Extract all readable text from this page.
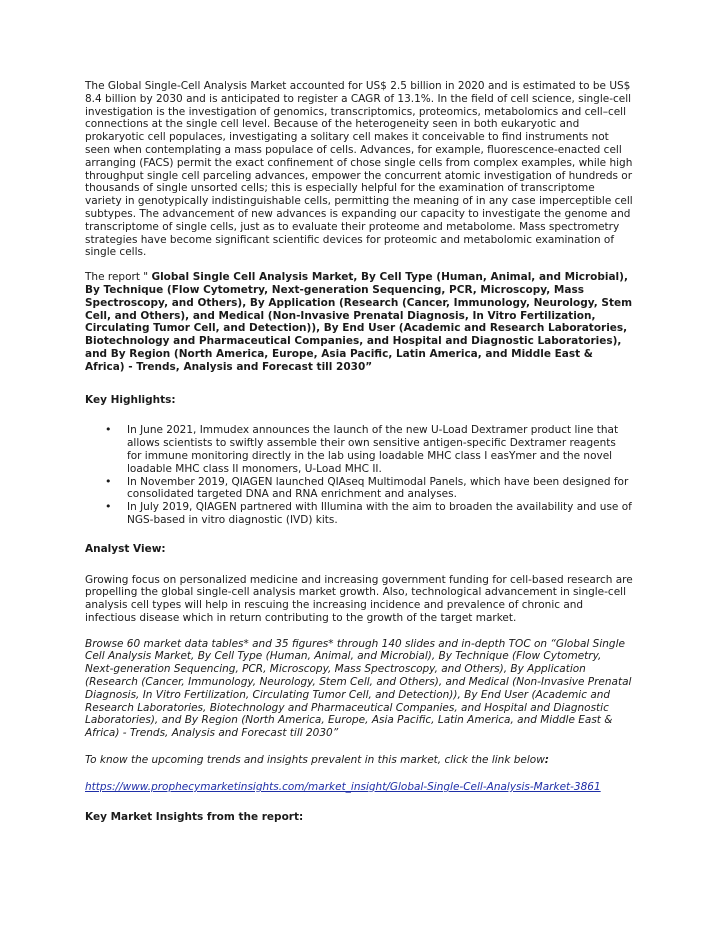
The Global Single-Cell Analysis Market accounted for US$ 2.5 billion in 2020 and is estimated to be US$ 8.4 billion by 2030 and is anticipated to register a CAGR of 13.1%. In the field of cell science, single-cell investigation is the investigation of genomics, transcriptomics, proteomics, metabolomics and cell–cell connections at the single cell level. Because of the heterogeneity seen in both eukaryotic and prokaryotic cell populaces, investigating a solitary cell makes it conceivable to find instruments not seen when contemplating a mass populace of cells. Advances, for example, fluorescence-enacted cell arranging (FACS) permit the exact confinement of chose single cells from complex examples, while high throughput single cell parceling advances, empower the concurrent atomic investigation of hundreds or thousands of single unsorted cells; this is especially helpful for the examination of transcriptome variety in genotypically indistinguishable cells, permitting the meaning of in any case imperceptible cell subtypes. The advancement of new advances is expanding our capacity to investigate the genome and transcriptome of single cells, just as to evaluate their proteome and metabolome. Mass spectrometry strategies have become significant scientific devices for proteomic and metabolomic examination of single cells.

The report " Global Single Cell Analysis Market, By Cell Type (Human, Animal, and Microbial), By Technique (Flow Cytometry, Next-generation Sequencing, PCR, Microscopy, Mass Spectroscopy, and Others), By Application (Research (Cancer, Immunology, Neurology, Stem Cell, and Others), and Medical (Non-Invasive Prenatal Diagnosis, In Vitro Fertilization, Circulating Tumor Cell, and Detection)), By End User (Academic and Research Laboratories, Biotechnology and Pharmaceutical Companies, and Hospital and Diagnostic Laboratories), and By Region (North America, Europe, Asia Pacific, Latin America, and Middle East & Africa) - Trends, Analysis and Forecast till 2030”

Key Highlights:

• In June 2021, Immudex announces the launch of the new U-Load Dextramer product line that allows scientists to swiftly assemble their own sensitive antigen-specific Dextramer reagents for immune monitoring directly in the lab using loadable MHC class I easYmer and the novel loadable MHC class II monomers, U-Load MHC II.
• In November 2019, QIAGEN launched QIAseq Multimodal Panels, which have been designed for consolidated targeted DNA and RNA enrichment and analyses.
• In July 2019, QIAGEN partnered with Illumina with the aim to broaden the availability and use of NGS-based in vitro diagnostic (IVD) kits.

Analyst View:

Growing focus on personalized medicine and increasing government funding for cell-based research are propelling the global single-cell analysis market growth. Also, technological advancement in single-cell analysis cell types will help in rescuing the increasing incidence and prevalence of chronic and infectious disease which in return contributing to the growth of the target market.

Browse 60 market data tables* and 35 figures* through 140 slides and in-depth TOC on “Global Single Cell Analysis Market, By Cell Type (Human, Animal, and Microbial), By Technique (Flow Cytometry, Next-generation Sequencing, PCR, Microscopy, Mass Spectroscopy, and Others), By Application (Research (Cancer, Immunology, Neurology, Stem Cell, and Others), and Medical (Non-Invasive Prenatal Diagnosis, In Vitro Fertilization, Circulating Tumor Cell, and Detection)), By End User (Academic and Research Laboratories, Biotechnology and Pharmaceutical Companies, and Hospital and Diagnostic Laboratories), and By Region (North America, Europe, Asia Pacific, Latin America, and Middle East & Africa) - Trends, Analysis and Forecast till 2030”

To know the upcoming trends and insights prevalent in this market, click the link below:

https://www.prophecymarketinsights.com/market_insight/Global-Single-Cell-Analysis-Market-3861

Key Market Insights from the report:
